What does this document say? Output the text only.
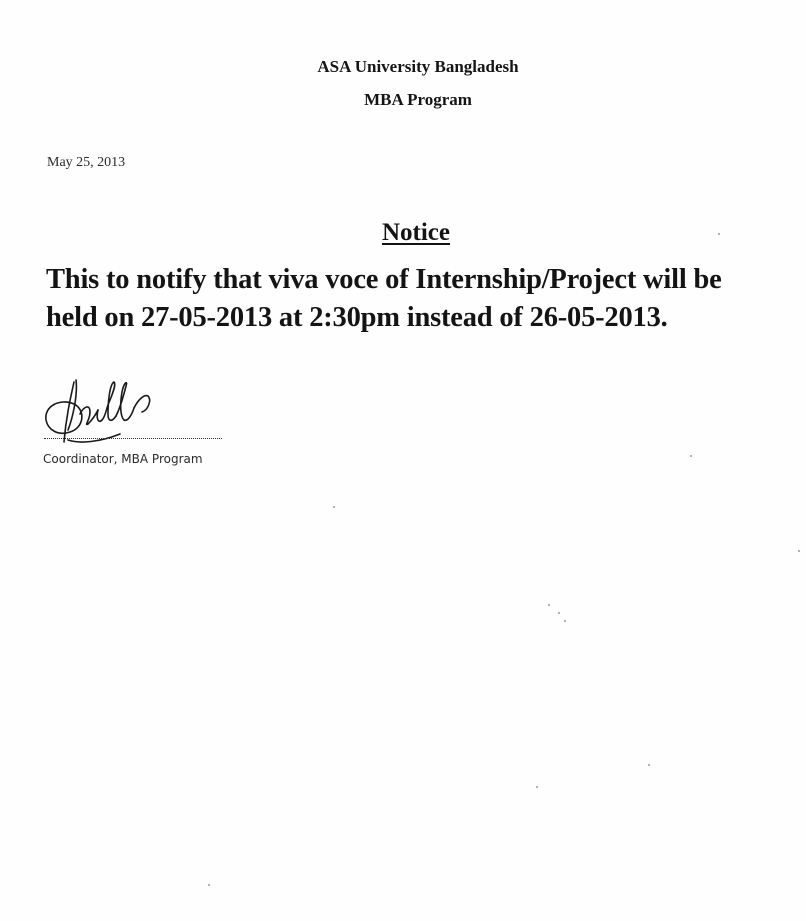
ASA University Bangladesh
MBA Program
May 25, 2013
Notice
This to notify that viva voce of Internship/Project will be
held on 27-05-2013 at 2:30pm instead of 26-05-2013.
Coordinator, MBA Program
